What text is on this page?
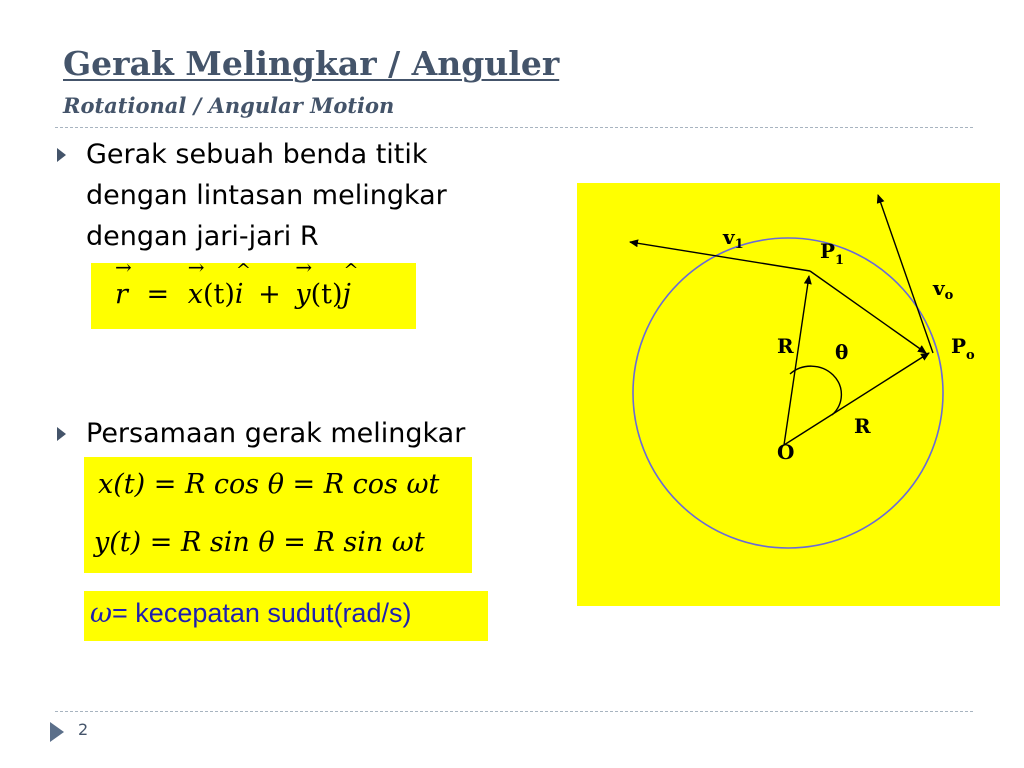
Gerak Melingkar / Anguler
Rotational / Angular Motion
Gerak sebuah benda titik
dengan lintasan melingkar
dengan jari-jari R
→ r = → x(t)^ i + → y(t)^ j
Persamaan gerak melingkar
x(t) = R cos θ = R cos ωt
y(t) = R sin θ = R sin ωt
ω= kecepatan sudut(rad/s)
$v_1$	$P_1$
$v_o$
$P_o$
R θ
R
O
2
